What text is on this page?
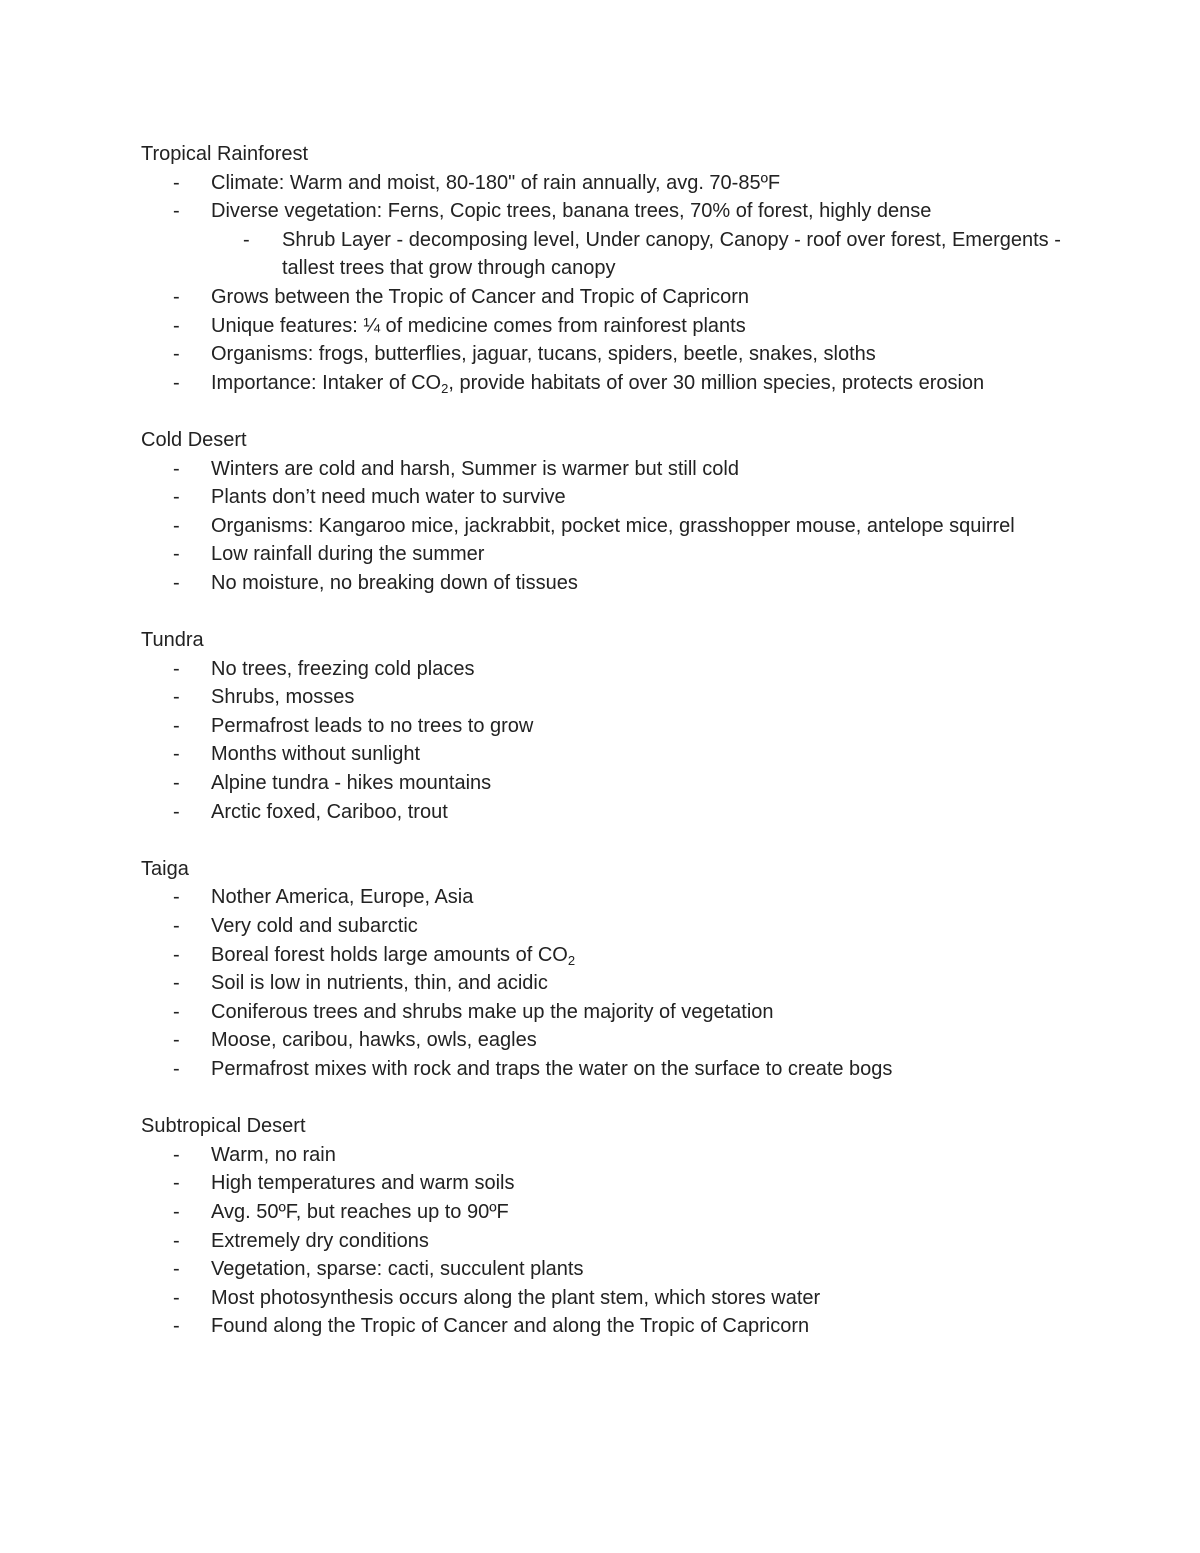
Tropical Rainforest

- Climate: Warm and moist, 80-180" of rain annually, avg. 70-85ºF
- Diverse vegetation: Ferns, Copic trees, banana trees, 70% of forest, highly dense
- Shrub Layer - decomposing level, Under canopy, Canopy - roof over forest, Emergents - tallest trees that grow through canopy
- Grows between the Tropic of Cancer and Tropic of Capricorn
- Unique features: ¼ of medicine comes from rainforest plants
- Organisms: frogs, butterflies, jaguar, tucans, spiders, beetle, snakes, sloths
- Importance: Intaker of $CO_2$, provide habitats of over 30 million species, protects erosion

Cold Desert

- Winters are cold and harsh, Summer is warmer but still cold
- Plants don’t need much water to survive
- Organisms: Kangaroo mice, jackrabbit, pocket mice, grasshopper mouse, antelope squirrel
- Low rainfall during the summer
- No moisture, no breaking down of tissues

Tundra

- No trees, freezing cold places
- Shrubs, mosses
- Permafrost leads to no trees to grow
- Months without sunlight
- Alpine tundra - hikes mountains
- Arctic foxed, Cariboo, trout

Taiga

- Nother America, Europe, Asia
- Very cold and subarctic
- Boreal forest holds large amounts of $CO_2$
- Soil is low in nutrients, thin, and acidic
- Coniferous trees and shrubs make up the majority of vegetation
- Moose, caribou, hawks, owls, eagles
- Permafrost mixes with rock and traps the water on the surface to create bogs

Subtropical Desert

- Warm, no rain
- High temperatures and warm soils
- Avg. 50ºF, but reaches up to 90ºF
- Extremely dry conditions
- Vegetation, sparse: cacti, succulent plants
- Most photosynthesis occurs along the plant stem, which stores water
- Found along the Tropic of Cancer and along the Tropic of Capricorn
